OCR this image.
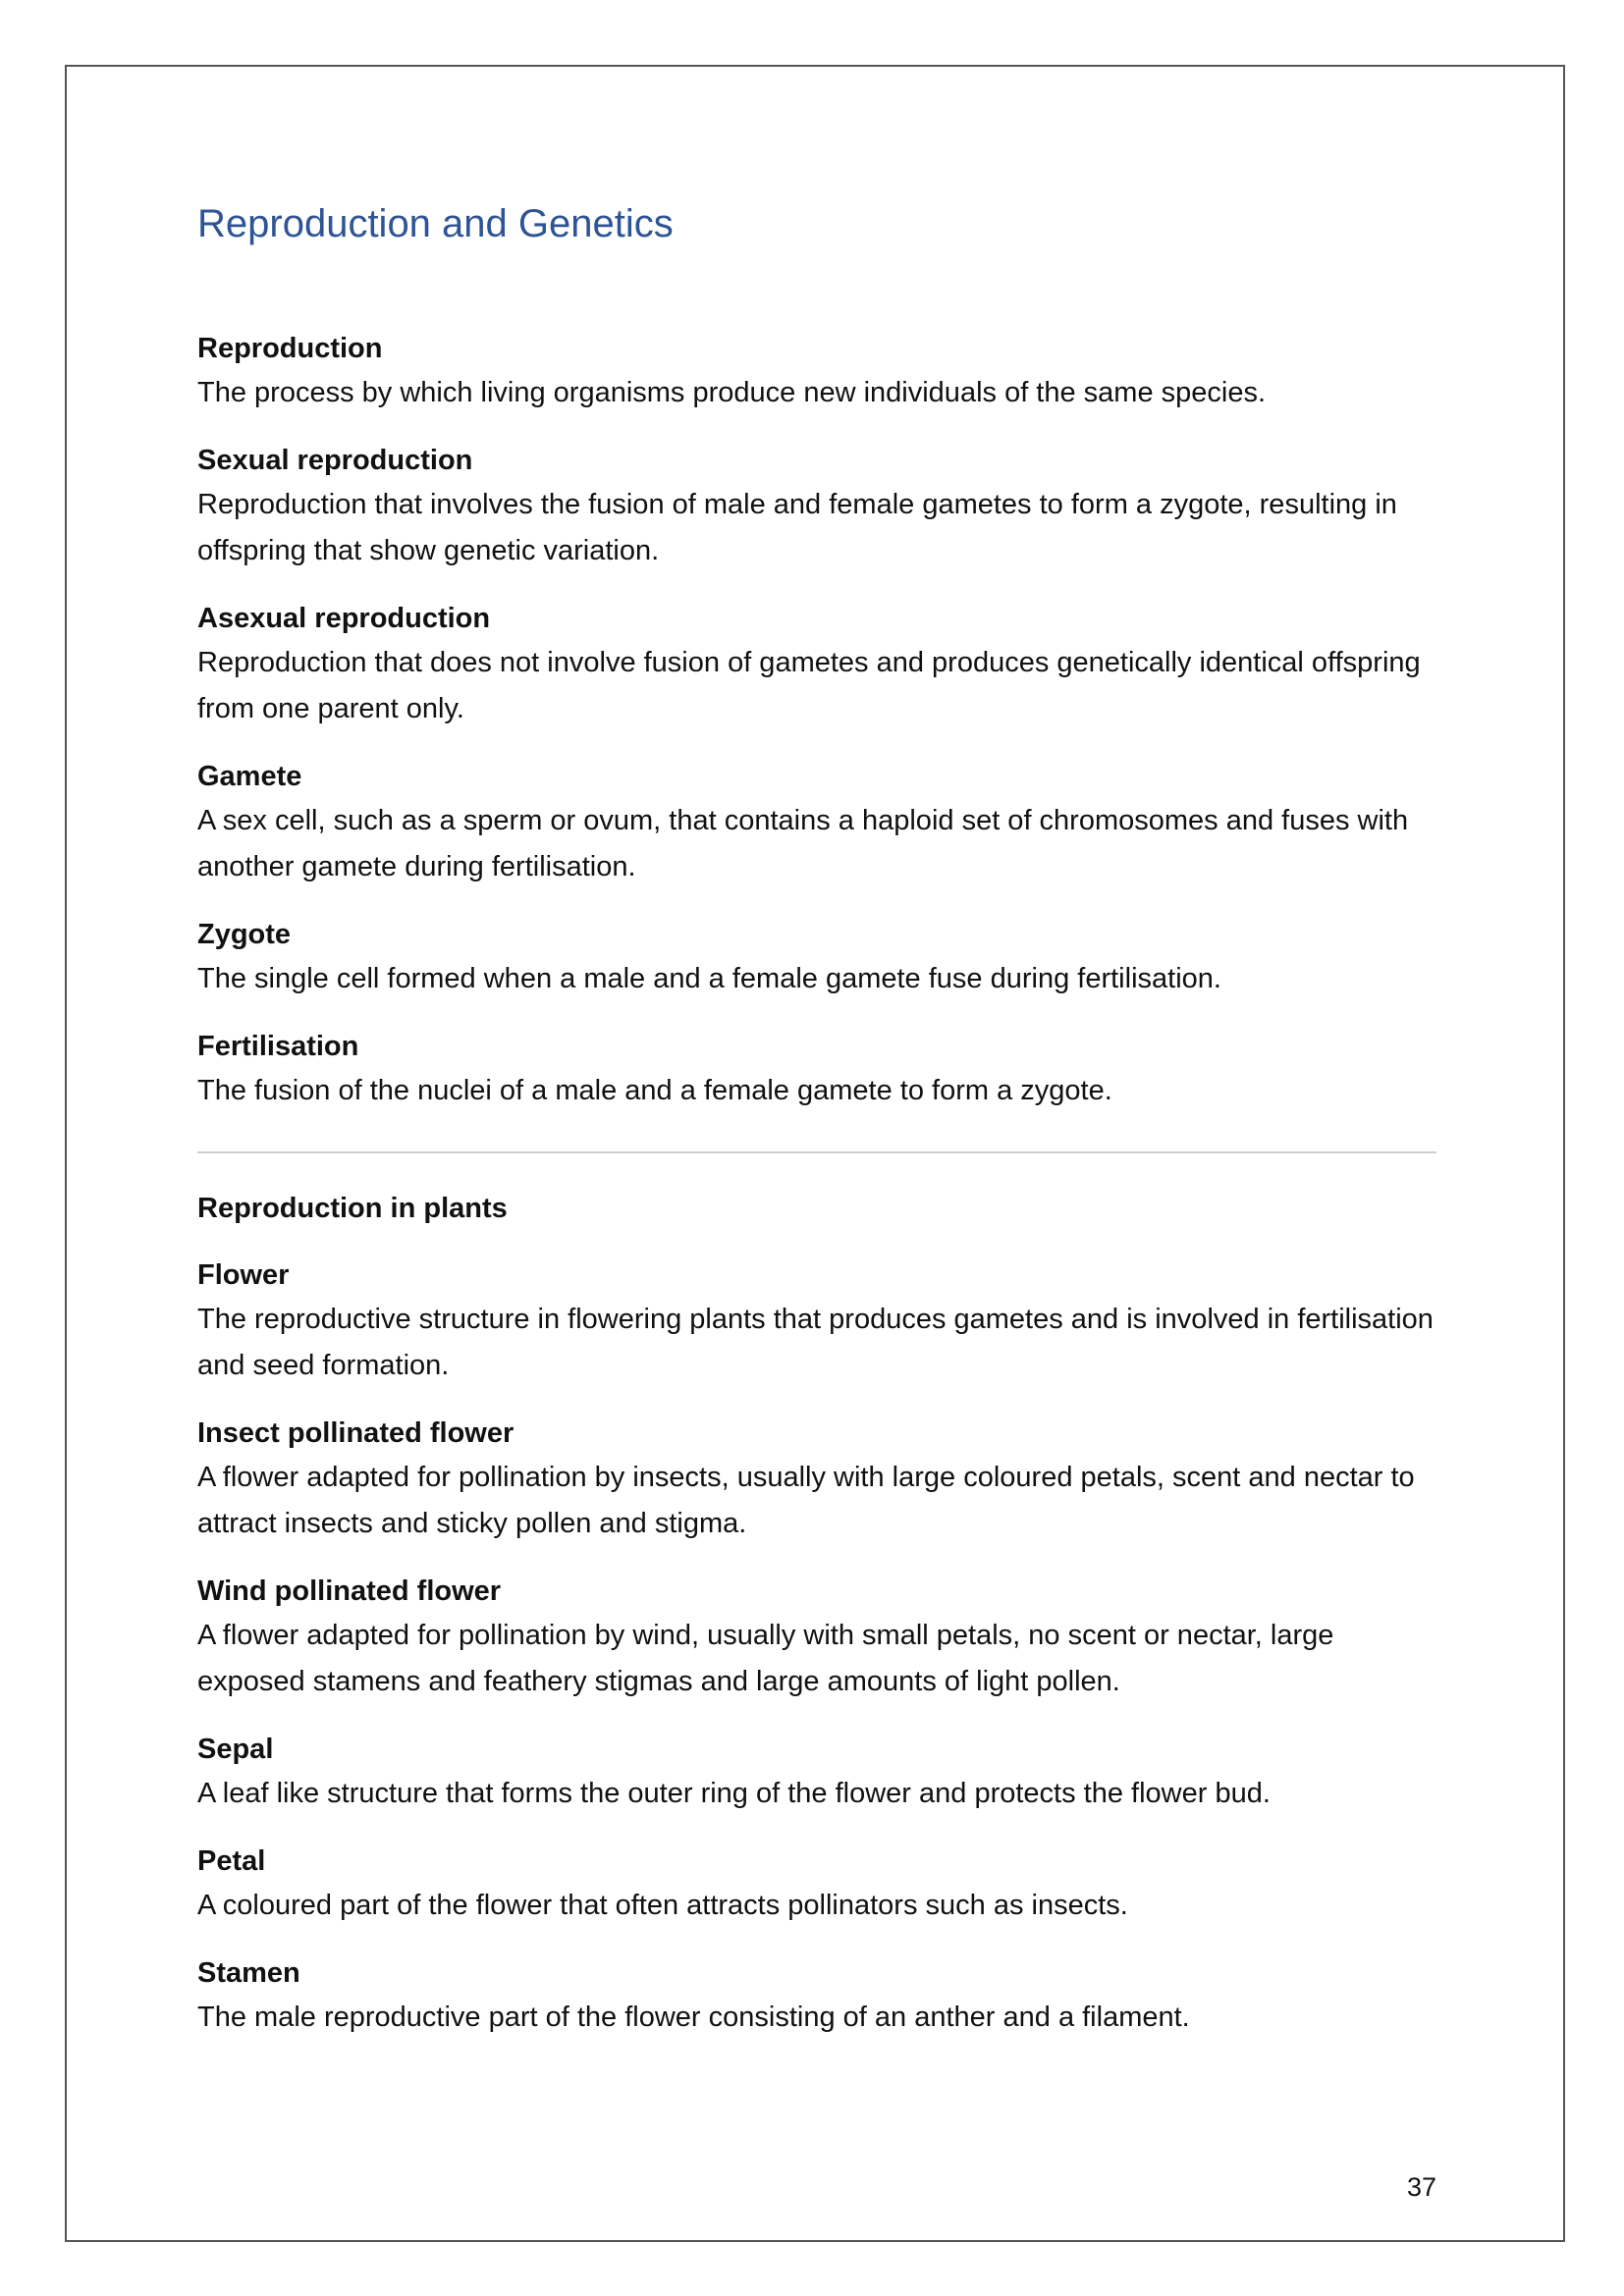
Reproduction and Genetics

Reproduction

The process by which living organisms produce new individuals of the same species.

Sexual reproduction

Reproduction that involves the fusion of male and female gametes to form a zygote, resulting in offspring that show genetic variation.

Asexual reproduction

Reproduction that does not involve fusion of gametes and produces genetically identical offspring from one parent only.

Gamete

A sex cell, such as a sperm or ovum, that contains a haploid set of chromosomes and fuses with another gamete during fertilisation.

Zygote

The single cell formed when a male and a female gamete fuse during fertilisation.

Fertilisation

The fusion of the nuclei of a male and a female gamete to form a zygote.

Reproduction in plants

Flower

The reproductive structure in flowering plants that produces gametes and is involved in fertilisation and seed formation.

Insect pollinated flower

A flower adapted for pollination by insects, usually with large coloured petals, scent and nectar to attract insects and sticky pollen and stigma.

Wind pollinated flower

A flower adapted for pollination by wind, usually with small petals, no scent or nectar, large exposed stamens and feathery stigmas and large amounts of light pollen.

Sepal

A leaf like structure that forms the outer ring of the flower and protects the flower bud.

Petal

A coloured part of the flower that often attracts pollinators such as insects.

Stamen

The male reproductive part of the flower consisting of an anther and a filament.

37
